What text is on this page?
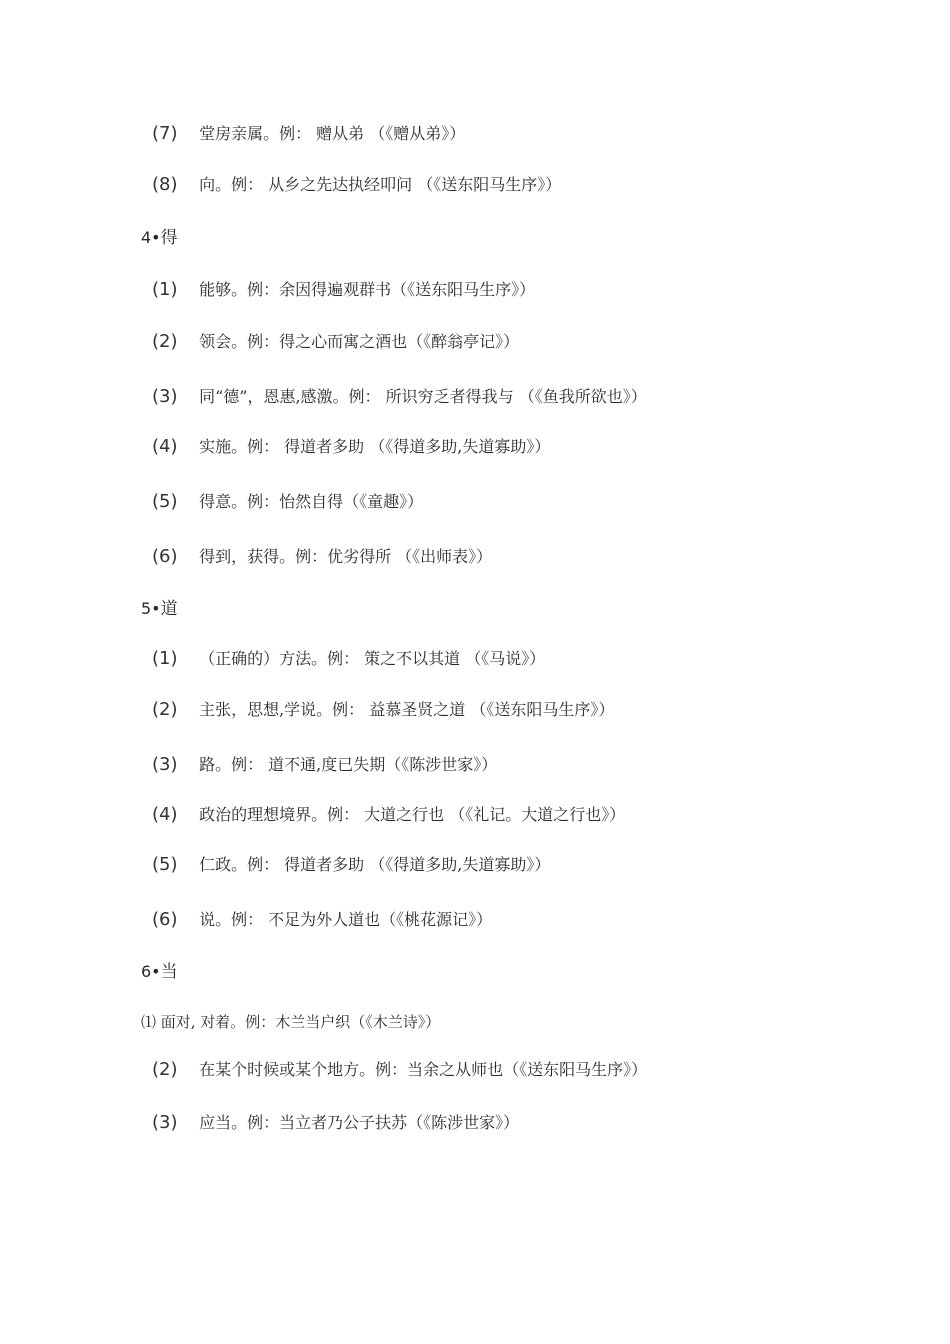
(7) 堂房亲属。例： 赠从弟 （《赠从弟》）
(8) 向。例： 从乡之先达执经叩问 （《送东阳马生序》）
4•得
(1) 能够。例：余因得遍观群书（《送东阳马生序》）
(2) 领会。例：得之心而寓之酒也（《醉翁亭记》）
(3) 同“德”，恩惠,感激。例： 所识穷乏者得我与 （《鱼我所欲也》）
(4) 实施。例： 得道者多助 （《得道多助,失道寡助》）
(5) 得意。例：怡然自得（《童趣》）
(6) 得到，获得。例：优劣得所 （《出师表》）
5•道
(1) （正确的）方法。例： 策之不以其道 （《马说》）
(2) 主张，思想,学说。例： 益慕圣贤之道 （《送东阳马生序》）
(3) 路。例： 道不通,度已失期（《陈涉世家》）
(4) 政治的理想境界。例： 大道之行也 （《礼记。大道之行也》）
(5) 仁政。例： 得道者多助 （《得道多助,失道寡助》）
(6) 说。例： 不足为外人道也（《桃花源记》）
6•当
⑴ 面对, 对着。例：木兰当户织（《木兰诗》）
(2) 在某个时候或某个地方。例：当余之从师也（《送东阳马生序》）
(3) 应当。例：当立者乃公子扶苏（《陈涉世家》）
